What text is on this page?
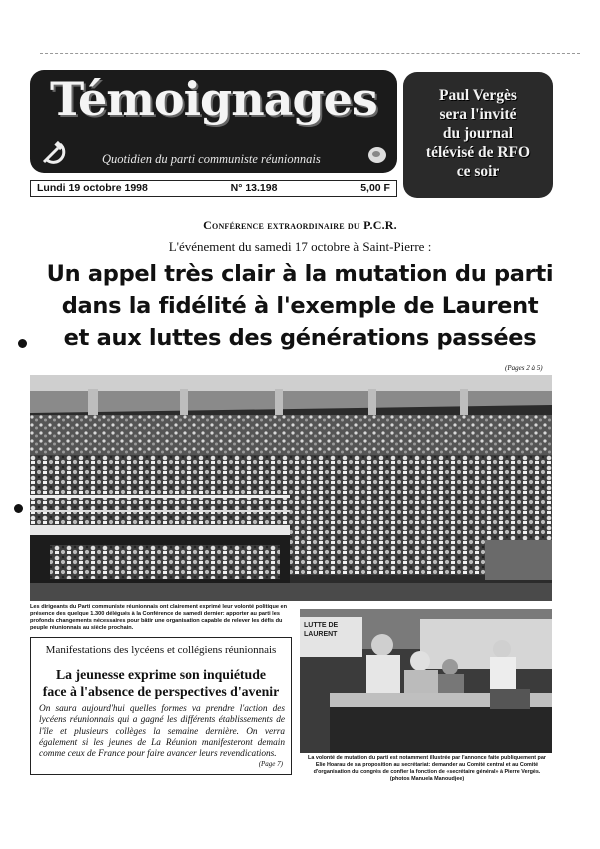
Témoignages
Quotidien du parti communiste réunionnais
Paul Vergès
sera l'invité
du journal
télévisé de RFO
ce soir
Lundi 19 octobre 1998	N° 13.198	5,00 F
Conférence extraordinaire du P.C.R.
L'événement du samedi 17 octobre à Saint-Pierre :
Un appel très clair à la mutation du parti
dans la fidélité à l'exemple de Laurent
et aux luttes des générations passées
(Pages 2 à 5)
Les dirigeants du Parti communiste réunionnais ont clairement exprimé leur volonté politique en présence des quelque 1.300 délégués à la Conférence de samedi dernier: apporter au parti les profonds changements nécessaires pour bâtir une organisation capable de relever les défis du peuple réunionnais au siècle prochain.
Manifestations des lycéens et collégiens réunionnais
La jeunesse exprime son inquiétude
face à l'absence de perspectives d'avenir
On saura aujourd'hui quelles formes va prendre l'action des lycéens réunionnais qui a gagné les différents établissements de l'île et plusieurs collèges la semaine dernière. On verra également si les jeunes de La Réunion manifesteront demain comme ceux de France pour faire avancer leurs revendications.
(Page 7)
LUTTE DE LAURENT
La volonté de mutation du parti est notamment illustrée par l'annonce faite publiquement par Elie Hoarau de sa proposition au secrétariat: demander au Comité central et au Comité d'organisation du congrès de confier la fonction de «secrétaire général» à Pierre Vergès. (photos Manuela Manoudjee)
